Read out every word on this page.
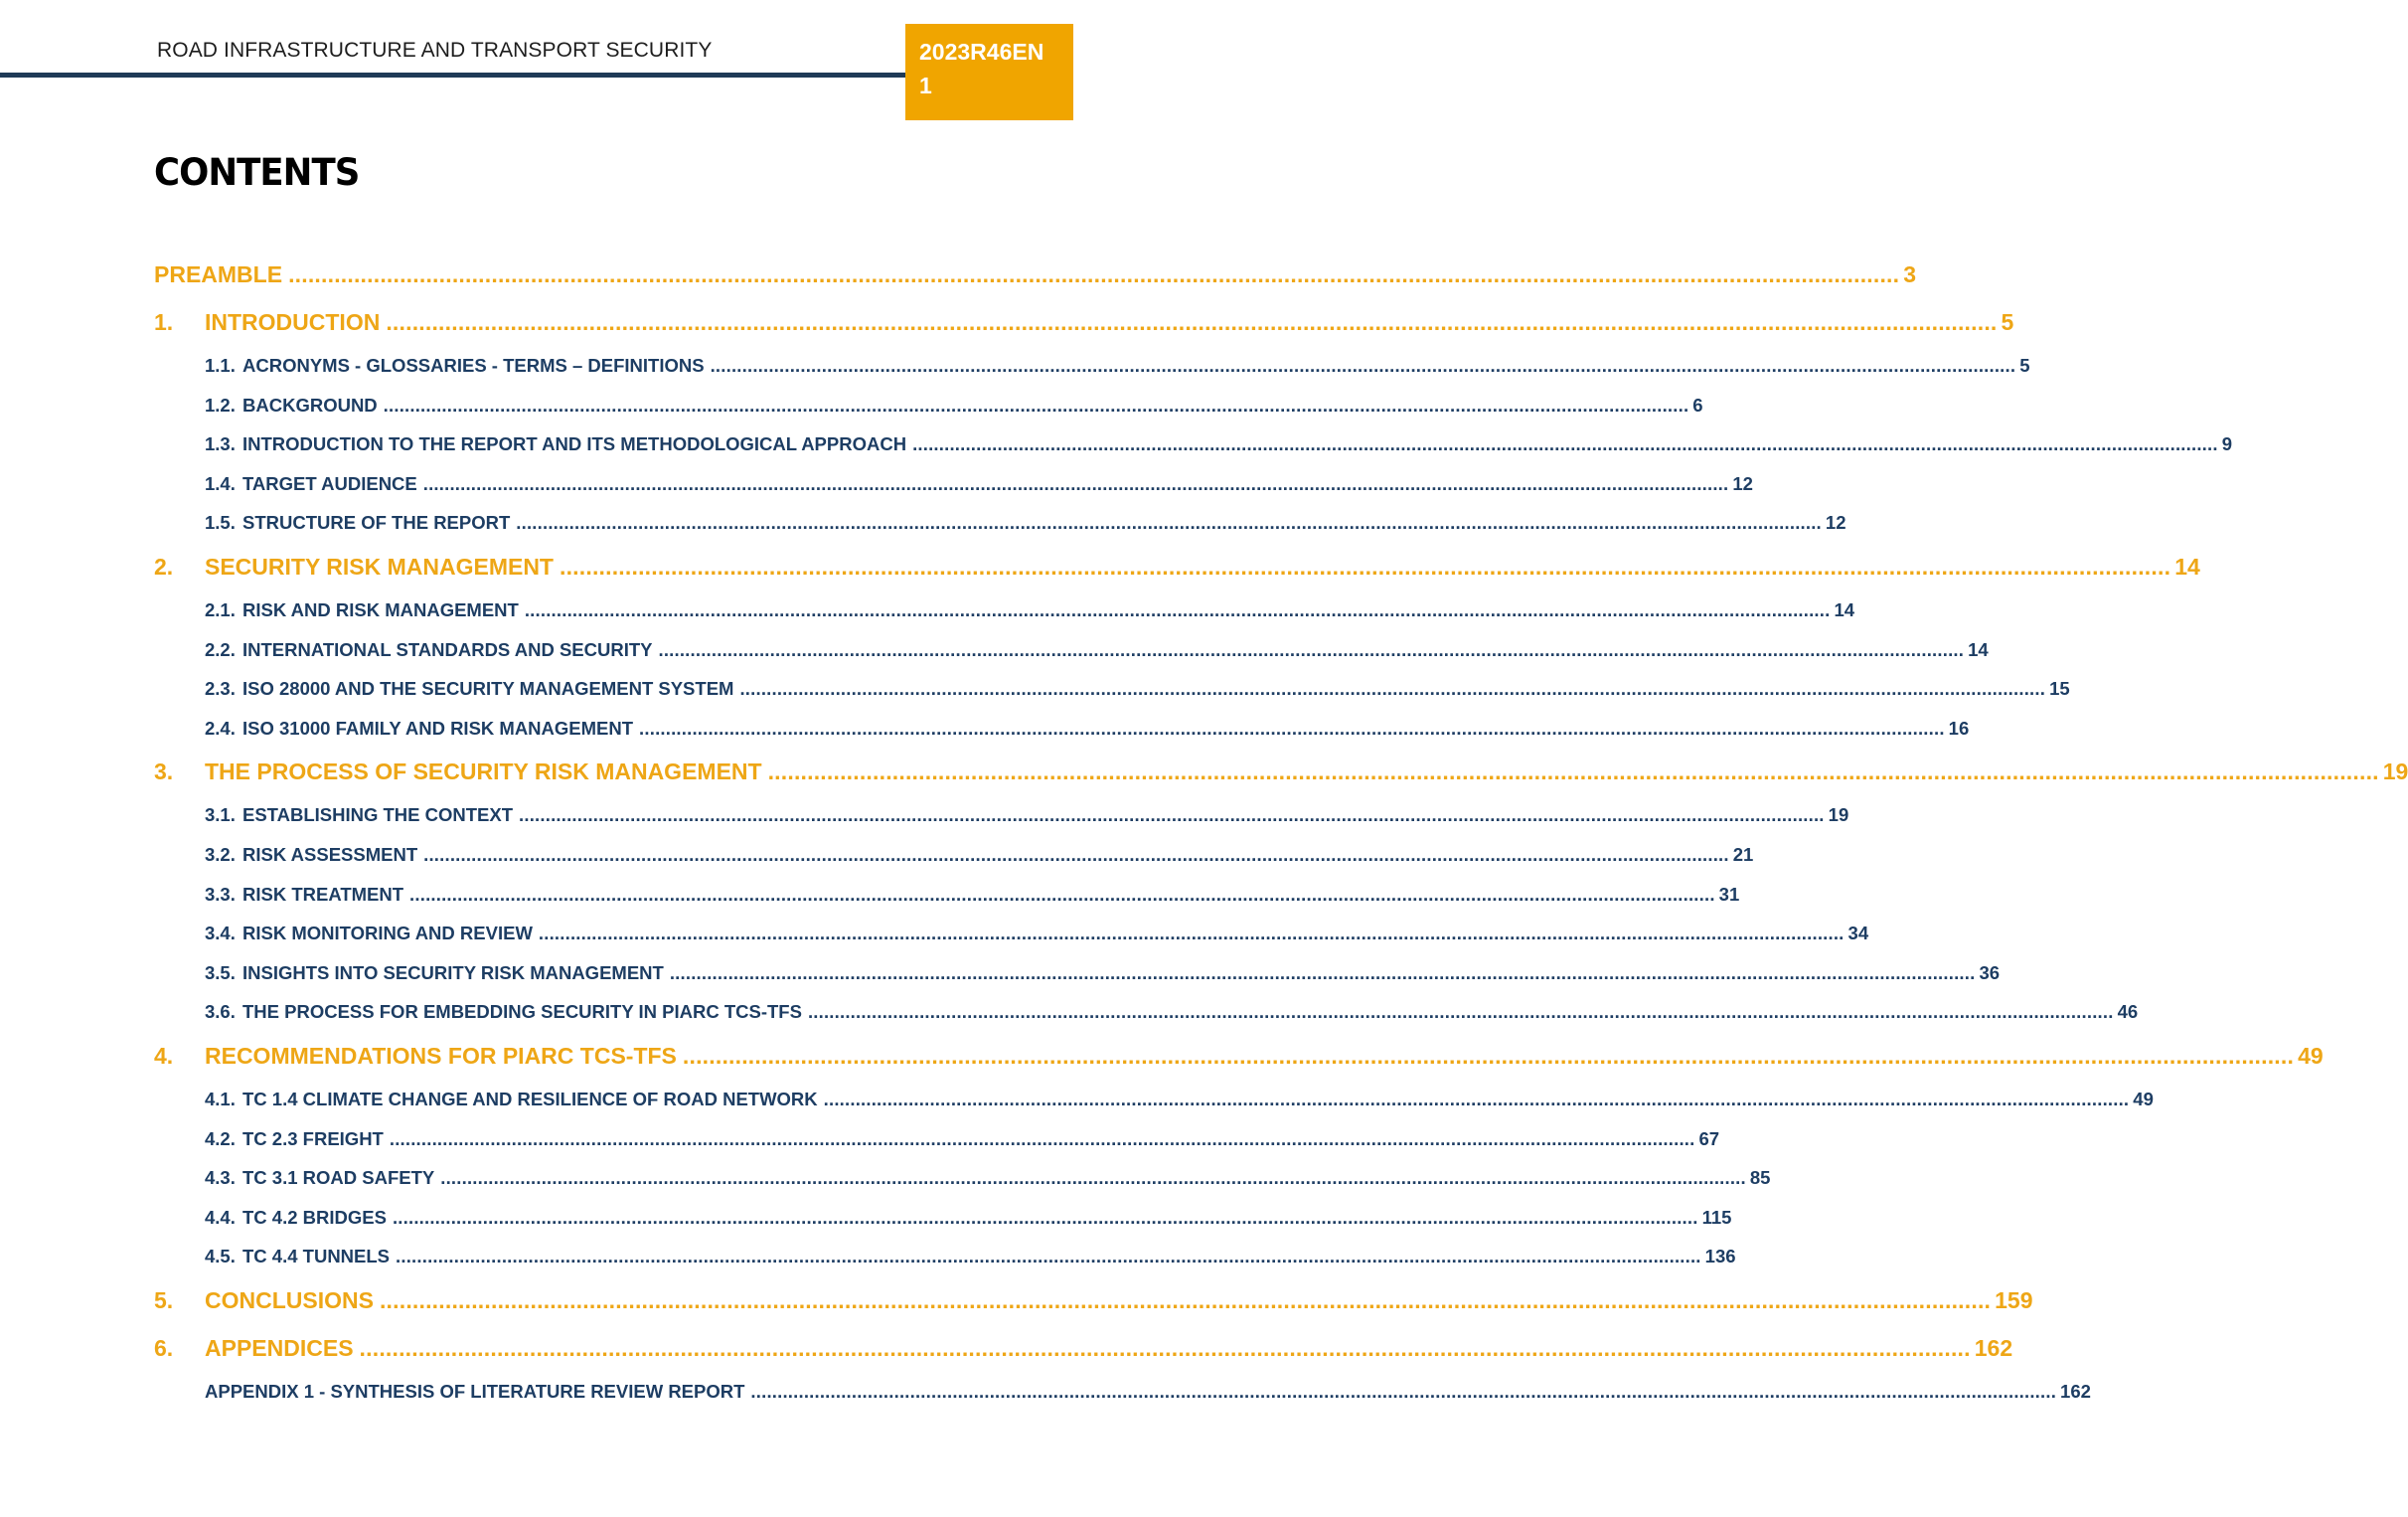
ROAD INFRASTRUCTURE AND TRANSPORT SECURITY	2023R46EN
1
CONTENTS
PREAMBLE .....	3
1.	INTRODUCTION .....	5
1.1. ACRONYMS - GLOSSARIES - TERMS – DEFINITIONS .....	5
1.2. BACKGROUND .....	6
1.3. INTRODUCTION TO THE REPORT AND ITS METHODOLOGICAL APPROACH .....	9
1.4. TARGET AUDIENCE .....	12
1.5. STRUCTURE OF THE REPORT .....	12
2.	SECURITY RISK MANAGEMENT .....	14
2.1. RISK AND RISK MANAGEMENT .....	14
2.2. INTERNATIONAL STANDARDS AND SECURITY .....	14
2.3. ISO 28000 AND THE SECURITY MANAGEMENT SYSTEM .....	15
2.4. ISO 31000 FAMILY AND RISK MANAGEMENT .....	16
3.	THE PROCESS OF SECURITY RISK MANAGEMENT .....	19
3.1. ESTABLISHING THE CONTEXT .....	19
3.2. RISK ASSESSMENT .....	21
3.3. RISK TREATMENT .....	31
3.4. RISK MONITORING AND REVIEW .....	34
3.5. INSIGHTS INTO SECURITY RISK MANAGEMENT .....	36
3.6. THE PROCESS FOR EMBEDDING SECURITY IN PIARC TCS-TFS .....	46
4.	RECOMMENDATIONS FOR PIARC TCS-TFS .....	49
4.1. TC 1.4 CLIMATE CHANGE AND RESILIENCE OF ROAD NETWORK .....	49
4.2. TC 2.3 FREIGHT .....	67
4.3. TC 3.1 ROAD SAFETY .....	85
4.4. TC 4.2 BRIDGES .....	115
4.5. TC 4.4 TUNNELS .....	136
5.	CONCLUSIONS .....	159
6.	APPENDICES .....	162
APPENDIX 1 - SYNTHESIS OF LITERATURE REVIEW REPORT .....	162
